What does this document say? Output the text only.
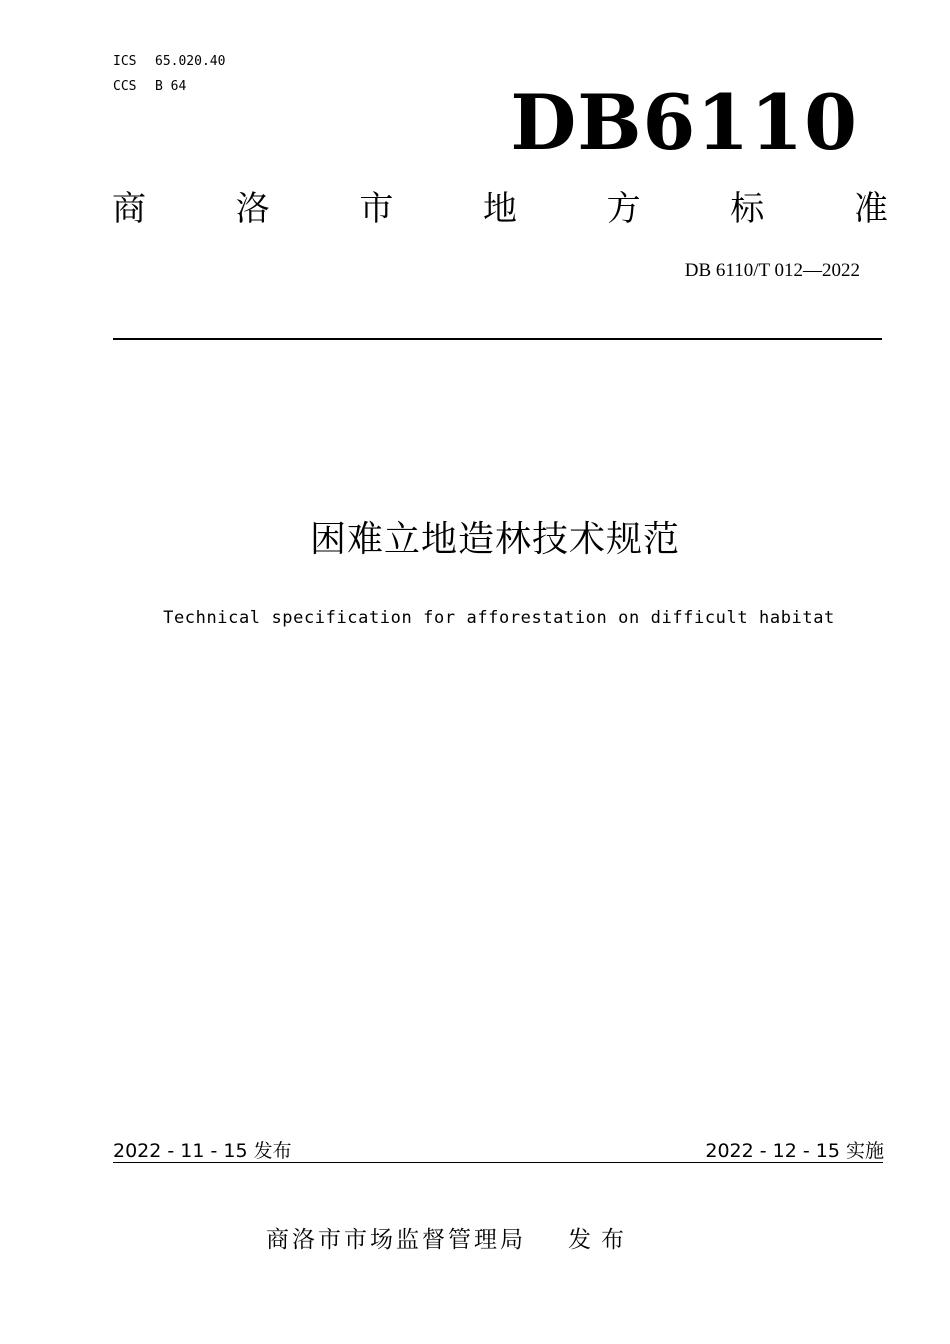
ICS 65.020.40
CCS B 64	DB6110
商	洛	市	地	方	标	准
DB 6110/T 012—2022
困难立地造林技术规范
Technical specification for afforestation on difficult habitat
2022 - 11 - 15 发布	2022 - 12 - 15 实施
商洛市市场监督管理局 发布
